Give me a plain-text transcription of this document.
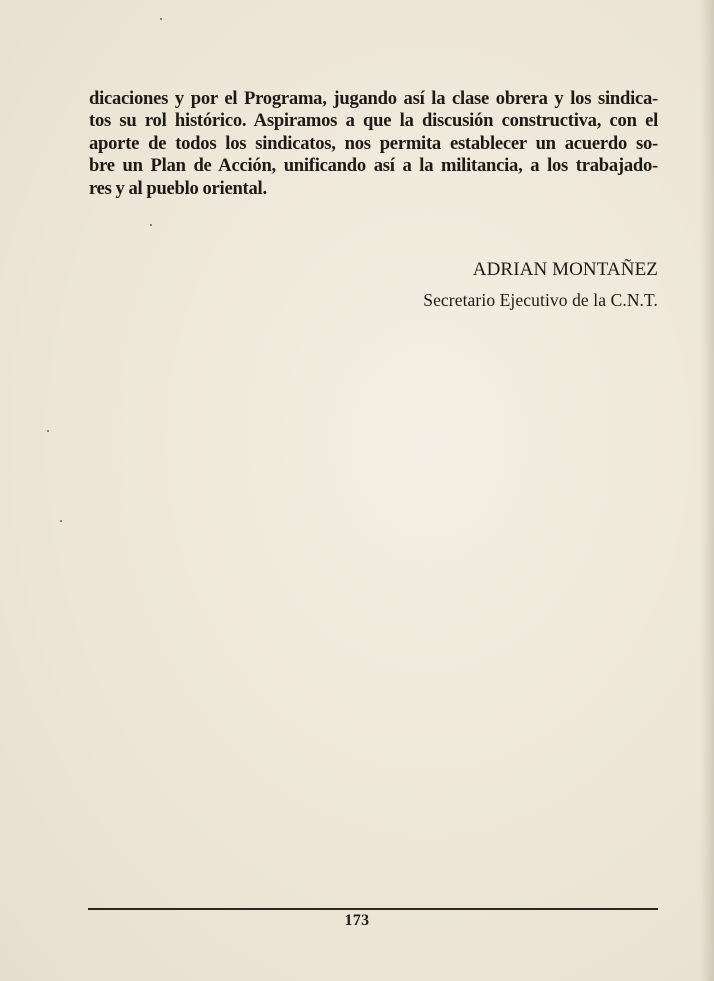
dicaciones y por el Programa, jugando así la clase obrera y los sindica-
tos su rol histórico. Aspiramos a que la discusión constructiva, con el
aporte de todos los sindicatos, nos permita establecer un acuerdo so-
bre un Plan de Acción, unificando así a la militancia, a los trabajado-
res y al pueblo oriental.
ADRIAN MONTAÑEZ
Secretario Ejecutivo de la C.N.T.
173
